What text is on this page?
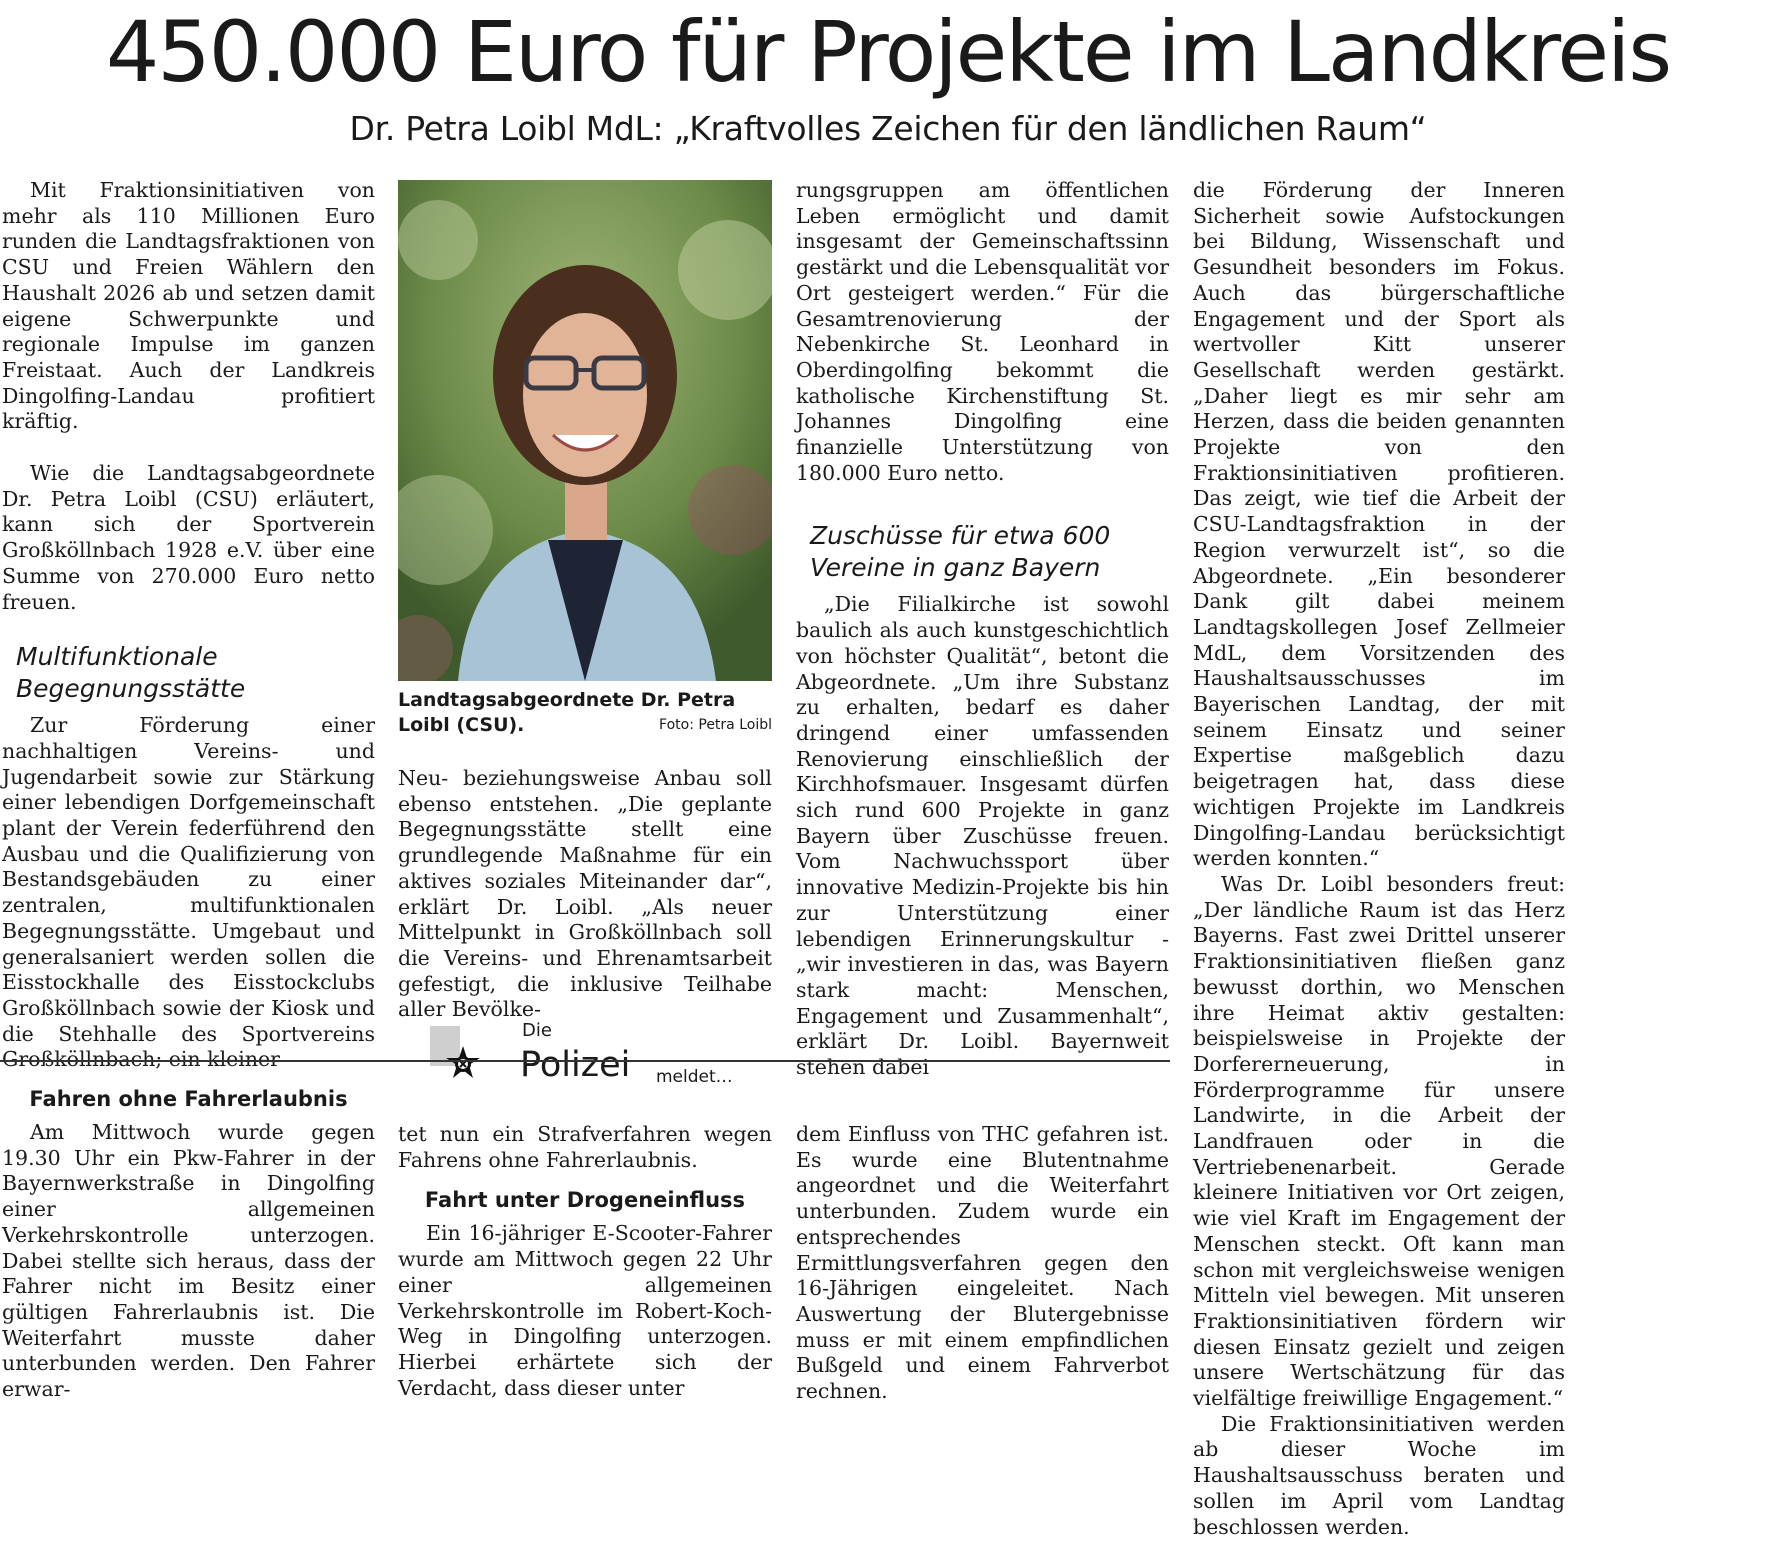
450.000 Euro für Projekte im Landkreis
Dr. Petra Loibl MdL: „Kraftvolles Zeichen für den ländlichen Raum“

Mit Fraktionsinitiativen von mehr als 110 Millionen Euro runden die Landtagsfraktionen von CSU und Freien Wählern den Haushalt 2026 ab und setzen damit eigene Schwerpunkte und regionale Impulse im ganzen Freistaat. Auch der Landkreis Dingolfing-Landau profitiert kräftig.

Wie die Landtagsabgeordnete Dr. Petra Loibl (CSU) erläutert, kann sich der Sportverein Großköllnbach 1928 e.V. über eine Summe von 270.000 Euro netto freuen.

Multifunktionale Begegnungsstätte

Zur Förderung einer nachhaltigen Vereins- und Jugendarbeit sowie zur Stärkung einer lebendigen Dorfgemeinschaft plant der Verein federführend den Ausbau und die Qualifizierung von Bestandsgebäuden zu einer zentralen, multifunktionalen Begegnungsstätte. Umgebaut und generalsaniert werden sollen die Eisstockhalle des Eisstockclubs Großköllnbach sowie der Kiosk und die Stehhalle des Sportvereins Großköllnbach; ein kleiner

Landtagsabgeordnete Dr. Petra Loibl (CSU).	Foto: Petra Loibl

Neu- beziehungsweise Anbau soll ebenso entstehen. „Die geplante Begegnungsstätte stellt eine grundlegende Maßnahme für ein aktives soziales Miteinander dar“, erklärt Dr. Loibl. „Als neuer Mittelpunkt in Großköllnbach soll die Vereins- und Ehrenamtsarbeit gefestigt, die inklusive Teilhabe aller Bevölke-

rungsgruppen am öffentlichen Leben ermöglicht und damit insgesamt der Gemeinschaftssinn gestärkt und die Lebensqualität vor Ort gesteigert werden.“ Für die Gesamtrenovierung der Nebenkirche St. Leonhard in Oberdingolfing bekommt die katholische Kirchenstiftung St. Johannes Dingolfing eine finanzielle Unterstützung von 180.000 Euro netto.

Zuschüsse für etwa 600 Vereine in ganz Bayern

„Die Filialkirche ist sowohl baulich als auch kunstgeschichtlich von höchster Qualität“, betont die Abgeordnete. „Um ihre Substanz zu erhalten, bedarf es daher dringend einer umfassenden Renovierung einschließlich der Kirchhofsmauer. Insgesamt dürfen sich rund 600 Projekte in ganz Bayern über Zuschüsse freuen. Vom Nachwuchssport über innovative Medizin-Projekte bis hin zur Unterstützung einer lebendigen Erinnerungskultur - „wir investieren in das, was Bayern stark macht: Menschen, Engagement und Zusammenhalt“, erklärt Dr. Loibl. Bayernweit stehen dabei

die Förderung der Inneren Sicherheit sowie Aufstockungen bei Bildung, Wissenschaft und Gesundheit besonders im Fokus. Auch das bürgerschaftliche Engagement und der Sport als wertvoller Kitt unserer Gesellschaft werden gestärkt. „Daher liegt es mir sehr am Herzen, dass die beiden genannten Projekte von den Fraktionsinitiativen profitieren. Das zeigt, wie tief die Arbeit der CSU-Landtagsfraktion in der Region verwurzelt ist“, so die Abgeordnete. „Ein besonderer Dank gilt dabei meinem Landtagskollegen Josef Zellmeier MdL, dem Vorsitzenden des Haushaltsausschusses im Bayerischen Landtag, der mit seinem Einsatz und seiner Expertise maßgeblich dazu beigetragen hat, dass diese wichtigen Projekte im Landkreis Dingolfing-Landau berücksichtigt werden konnten.“

Was Dr. Loibl besonders freut: „Der ländliche Raum ist das Herz Bayerns. Fast zwei Drittel unserer Fraktionsinitiativen fließen ganz bewusst dorthin, wo Menschen ihre Heimat aktiv gestalten: beispielsweise in Projekte der Dorfererneuerung, in Förderprogramme für unsere Landwirte, in die Arbeit der Landfrauen oder in die Vertriebenenarbeit. Gerade kleinere Initiativen vor Ort zeigen, wie viel Kraft im Engagement der Menschen steckt. Oft kann man schon mit vergleichsweise wenigen Mitteln viel bewegen. Mit unseren Fraktionsinitiativen fördern wir diesen Einsatz gezielt und zeigen unsere Wertschätzung für das vielfältige freiwillige Engagement.“

Die Fraktionsinitiativen werden ab dieser Woche im Haushaltsausschuss beraten und sollen im April vom Landtag beschlossen werden.

Die
Polizei meldet…
Fahren ohne Fahrerlaubnis

Am Mittwoch wurde gegen 19.30 Uhr ein Pkw-Fahrer in der Bayernwerkstraße in Dingolfing einer allgemeinen Verkehrskontrolle unterzogen. Dabei stellte sich heraus, dass der Fahrer nicht im Besitz einer gültigen Fahrerlaubnis ist. Die Weiterfahrt musste daher unterbunden werden. Den Fahrer erwar-

tet nun ein Strafverfahren wegen Fahrens ohne Fahrerlaubnis.

Fahrt unter Drogeneinfluss

Ein 16-jähriger E-Scooter-Fahrer wurde am Mittwoch gegen 22 Uhr einer allgemeinen Verkehrskontrolle im Robert-Koch-Weg in Dingolfing unterzogen. Hierbei erhärtete sich der Verdacht, dass dieser unter

dem Einfluss von THC gefahren ist. Es wurde eine Blutentnahme angeordnet und die Weiterfahrt unterbunden. Zudem wurde ein entsprechendes Ermittlungsverfahren gegen den 16-Jährigen eingeleitet. Nach Auswertung der Blutergebnisse muss er mit einem empfindlichen Bußgeld und einem Fahrverbot rechnen.
